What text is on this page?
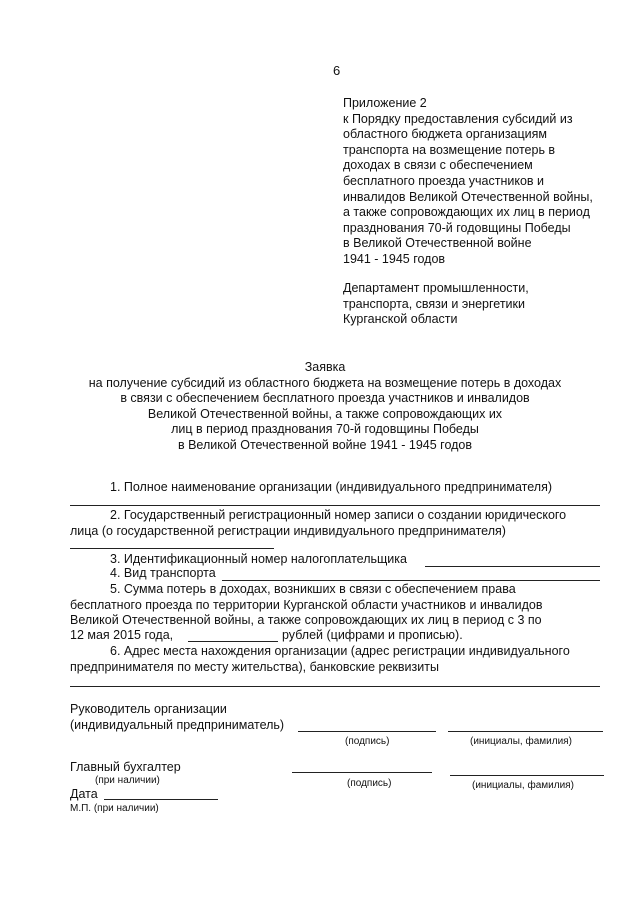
6
Приложение 2
к Порядку предоставления субсидий из
областного бюджета организациям
транспорта на возмещение потерь в
доходах в связи с обеспечением
бесплатного проезда участников и
инвалидов Великой Отечественной войны,
а также сопровождающих их лиц в период
празднования 70-й годовщины Победы
в Великой Отечественной войне
1941 - 1945 годов
Департамент промышленности,
транспорта, связи и энергетики
Курганской области
Заявка
на получение субсидий из областного бюджета на возмещение потерь в доходах
в связи с обеспечением бесплатного проезда участников и инвалидов
Великой Отечественной войны, а также сопровождающих их
лиц в период празднования 70-й годовщины Победы
в Великой Отечественной войне 1941 - 1945 годов
1. Полное наименование организации (индивидуального предпринимателя)
2. Государственный регистрационный номер записи о создании юридического
лица (о государственной регистрации индивидуального предпринимателя)
3. Идентификационный номер налогоплательщика
4. Вид транспорта
5. Сумма потерь в доходах, возникших в связи с обеспечением права
бесплатного проезда по территории Курганской области участников и инвалидов
Великой Отечественной войны, а также сопровождающих их лиц в период с 3 по
12 мая 2015 года,	рублей (цифрами и прописью).
6. Адрес места нахождения организации (адрес регистрации индивидуального
предпринимателя по месту жительства), банковские реквизиты
Руководитель организации
(индивидуальный предприниматель)
(подпись)	(инициалы, фамилия)
Главный бухгалтер
(при наличии)	(подпись)	(инициалы, фамилия)
Дата
М.П. (при наличии)
